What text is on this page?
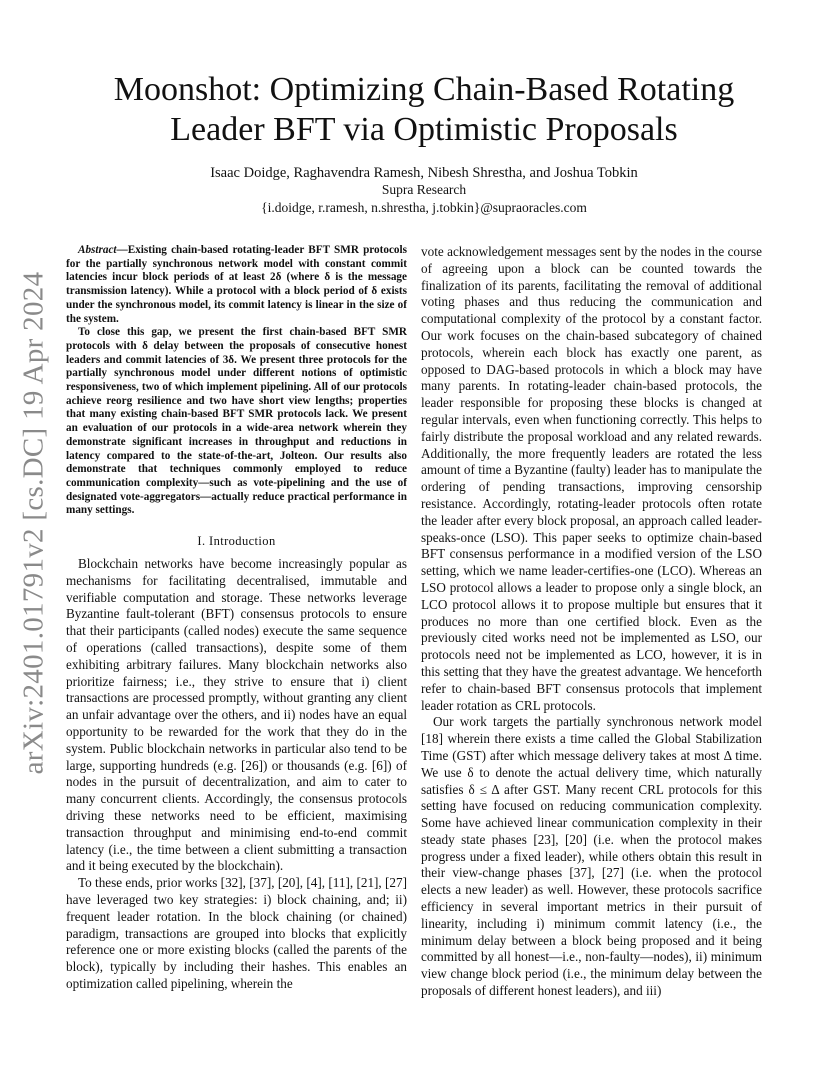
arXiv:2401.01791v2 [cs.DC] 19 Apr 2024
Moonshot: Optimizing Chain-Based Rotating
Leader BFT via Optimistic Proposals
Isaac Doidge, Raghavendra Ramesh, Nibesh Shrestha, and Joshua Tobkin
Supra Research
{i.doidge, r.ramesh, n.shrestha, j.tobkin}@supraoracles.com

Abstract—Existing chain-based rotating-leader BFT SMR protocols for the partially synchronous network model with constant commit latencies incur block periods of at least 2δ (where δ is the message transmission latency). While a protocol with a block period of δ exists under the synchronous model, its commit latency is linear in the size of the system.

To close this gap, we present the first chain-based BFT SMR protocols with δ delay between the proposals of consecutive honest leaders and commit latencies of 3δ. We present three protocols for the partially synchronous model under different notions of optimistic responsiveness, two of which implement pipelining. All of our protocols achieve reorg resilience and two have short view lengths; properties that many existing chain-based BFT SMR protocols lack. We present an evaluation of our protocols in a wide-area network wherein they demonstrate significant increases in throughput and reductions in latency compared to the state-of-the-art, Jolteon. Our results also demonstrate that techniques commonly employed to reduce communication complexity—such as vote-pipelining and the use of designated vote-aggregators—actually reduce practical performance in many settings.

I. Introduction

Blockchain networks have become increasingly popular as mechanisms for facilitating decentralised, immutable and verifiable computation and storage. These networks leverage Byzantine fault-tolerant (BFT) consensus protocols to ensure that their participants (called nodes) execute the same sequence of operations (called transactions), despite some of them exhibiting arbitrary failures. Many blockchain networks also prioritize fairness; i.e., they strive to ensure that i) client transactions are processed promptly, without granting any client an unfair advantage over the others, and ii) nodes have an equal opportunity to be rewarded for the work that they do in the system. Public blockchain networks in particular also tend to be large, supporting hundreds (e.g. [26]) or thousands (e.g. [6]) of nodes in the pursuit of decentralization, and aim to cater to many concurrent clients. Accordingly, the consensus protocols driving these networks need to be efficient, maximising transaction throughput and minimising end-to-end commit latency (i.e., the time between a client submitting a transaction and it being executed by the blockchain).

To these ends, prior works [32], [37], [20], [4], [11], [21], [27] have leveraged two key strategies: i) block chaining, and; ii) frequent leader rotation. In the block chaining (or chained) paradigm, transactions are grouped into blocks that explicitly reference one or more existing blocks (called the parents of the block), typically by including their hashes. This enables an optimization called pipelining, wherein the

vote acknowledgement messages sent by the nodes in the course of agreeing upon a block can be counted towards the finalization of its parents, facilitating the removal of additional voting phases and thus reducing the communication and computational complexity of the protocol by a constant factor. Our work focuses on the chain-based subcategory of chained protocols, wherein each block has exactly one parent, as opposed to DAG-based protocols in which a block may have many parents. In rotating-leader chain-based protocols, the leader responsible for proposing these blocks is changed at regular intervals, even when functioning correctly. This helps to fairly distribute the proposal workload and any related rewards. Additionally, the more frequently leaders are rotated the less amount of time a Byzantine (faulty) leader has to manipulate the ordering of pending transactions, improving censorship resistance. Accordingly, rotating-leader protocols often rotate the leader after every block proposal, an approach called leader-speaks-once (LSO). This paper seeks to optimize chain-based BFT consensus performance in a modified version of the LSO setting, which we name leader-certifies-one (LCO). Whereas an LSO protocol allows a leader to propose only a single block, an LCO protocol allows it to propose multiple but ensures that it produces no more than one certified block. Even as the previously cited works need not be implemented as LSO, our protocols need not be implemented as LCO, however, it is in this setting that they have the greatest advantage. We henceforth refer to chain-based BFT consensus protocols that implement leader rotation as CRL protocols.

Our work targets the partially synchronous network model [18] wherein there exists a time called the Global Stabilization Time (GST) after which message delivery takes at most Δ time. We use δ to denote the actual delivery time, which naturally satisfies δ ≤ Δ after GST. Many recent CRL protocols for this setting have focused on reducing communication complexity. Some have achieved linear communication complexity in their steady state phases [23], [20] (i.e. when the protocol makes progress under a fixed leader), while others obtain this result in their view-change phases [37], [27] (i.e. when the protocol elects a new leader) as well. However, these protocols sacrifice efficiency in several important metrics in their pursuit of linearity, including i) minimum commit latency (i.e., the minimum delay between a block being proposed and it being committed by all honest—i.e., non-faulty—nodes), ii) minimum view change block period (i.e., the minimum delay between the proposals of different honest leaders), and iii)
